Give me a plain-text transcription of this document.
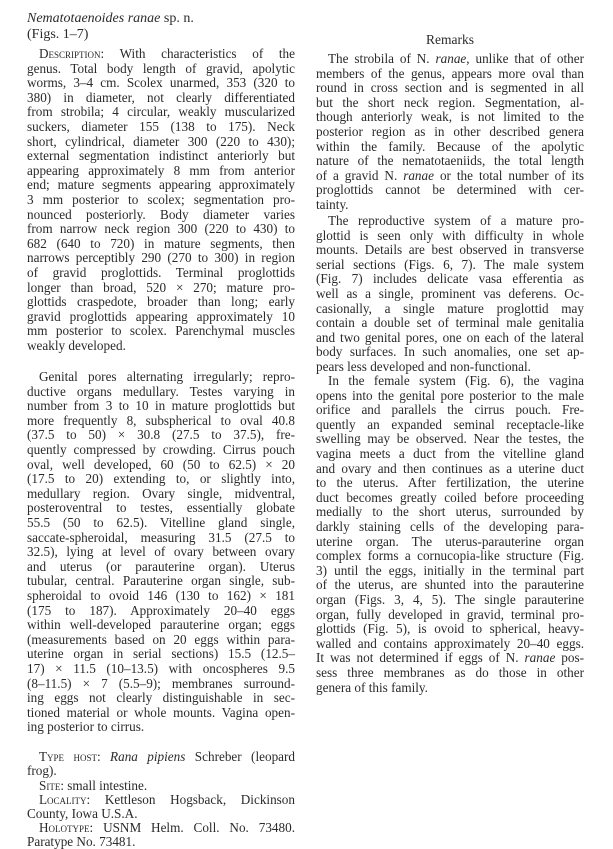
Nematotaenoides ranae sp. n.
(Figs. 1–7)
Description: With characteristics of the
genus. Total body length of gravid, apolytic
worms, 3–4 cm. Scolex unarmed, 353 (320 to
380) in diameter, not clearly differentiated
from strobila; 4 circular, weakly muscularized
suckers, diameter 155 (138 to 175). Neck
short, cylindrical, diameter 300 (220 to 430);
external segmentation indistinct anteriorly but
appearing approximately 8 mm from anterior
end; mature segments appearing approximately
3 mm posterior to scolex; segmentation pro-
nounced posteriorly. Body diameter varies
from narrow neck region 300 (220 to 430) to
682 (640 to 720) in mature segments, then
narrows perceptibly 290 (270 to 300) in region
of gravid proglottids. Terminal proglottids
longer than broad, 520 × 270; mature pro-
glottids craspedote, broader than long; early
gravid proglottids appearing approximately 10
mm posterior to scolex. Parenchymal muscles
weakly developed.
Genital pores alternating irregularly; repro-
ductive organs medullary. Testes varying in
number from 3 to 10 in mature proglottids but
more frequently 8, subspherical to oval 40.8
(37.5 to 50) × 30.8 (27.5 to 37.5), fre-
quently compressed by crowding. Cirrus pouch
oval, well developed, 60 (50 to 62.5) × 20
(17.5 to 20) extending to, or slightly into,
medullary region. Ovary single, midventral,
posteroventral to testes, essentially globate
55.5 (50 to 62.5). Vitelline gland single,
saccate-spheroidal, measuring 31.5 (27.5 to
32.5), lying at level of ovary between ovary
and uterus (or parauterine organ). Uterus
tubular, central. Parauterine organ single, sub-
spheroidal to ovoid 146 (130 to 162) × 181
(175 to 187). Approximately 20–40 eggs
within well-developed parauterine organ; eggs
(measurements based on 20 eggs within para-
uterine organ in serial sections) 15.5 (12.5–
17) × 11.5 (10–13.5) with oncospheres 9.5
(8–11.5) × 7 (5.5–9); membranes surround-
ing eggs not clearly distinguishable in sec-
tioned material or whole mounts. Vagina open-
ing posterior to cirrus.
Type host: Rana pipiens Schreber (leopard
frog).
Site: small intestine.
Locality: Kettleson Hogsback, Dickinson
County, Iowa U.S.A.
Holotype: USNM Helm. Coll. No. 73480.
Paratype No. 73481.
Remarks
The strobila of N. ranae, unlike that of other
members of the genus, appears more oval than
round in cross section and is segmented in all
but the short neck region. Segmentation, al-
though anteriorly weak, is not limited to the
posterior region as in other described genera
within the family. Because of the apolytic
nature of the nematotaeniids, the total length
of a gravid N. ranae or the total number of its
proglottids cannot be determined with cer-
tainty.
The reproductive system of a mature pro-
glottid is seen only with difficulty in whole
mounts. Details are best observed in transverse
serial sections (Figs. 6, 7). The male system
(Fig. 7) includes delicate vasa efferentia as
well as a single, prominent vas deferens. Oc-
casionally, a single mature proglottid may
contain a double set of terminal male genitalia
and two genital pores, one on each of the lateral
body surfaces. In such anomalies, one set ap-
pears less developed and non-functional.
In the female system (Fig. 6), the vagina
opens into the genital pore posterior to the male
orifice and parallels the cirrus pouch. Fre-
quently an expanded seminal receptacle-like
swelling may be observed. Near the testes, the
vagina meets a duct from the vitelline gland
and ovary and then continues as a uterine duct
to the uterus. After fertilization, the uterine
duct becomes greatly coiled before proceeding
medially to the short uterus, surrounded by
darkly staining cells of the developing para-
uterine organ. The uterus-parauterine organ
complex forms a cornucopia-like structure (Fig.
3) until the eggs, initially in the terminal part
of the uterus, are shunted into the parauterine
organ (Figs. 3, 4, 5). The single parauterine
organ, fully developed in gravid, terminal pro-
glottids (Fig. 5), is ovoid to spherical, heavy-
walled and contains approximately 20–40 eggs.
It was not determined if eggs of N. ranae pos-
sess three membranes as do those in other
genera of this family.
